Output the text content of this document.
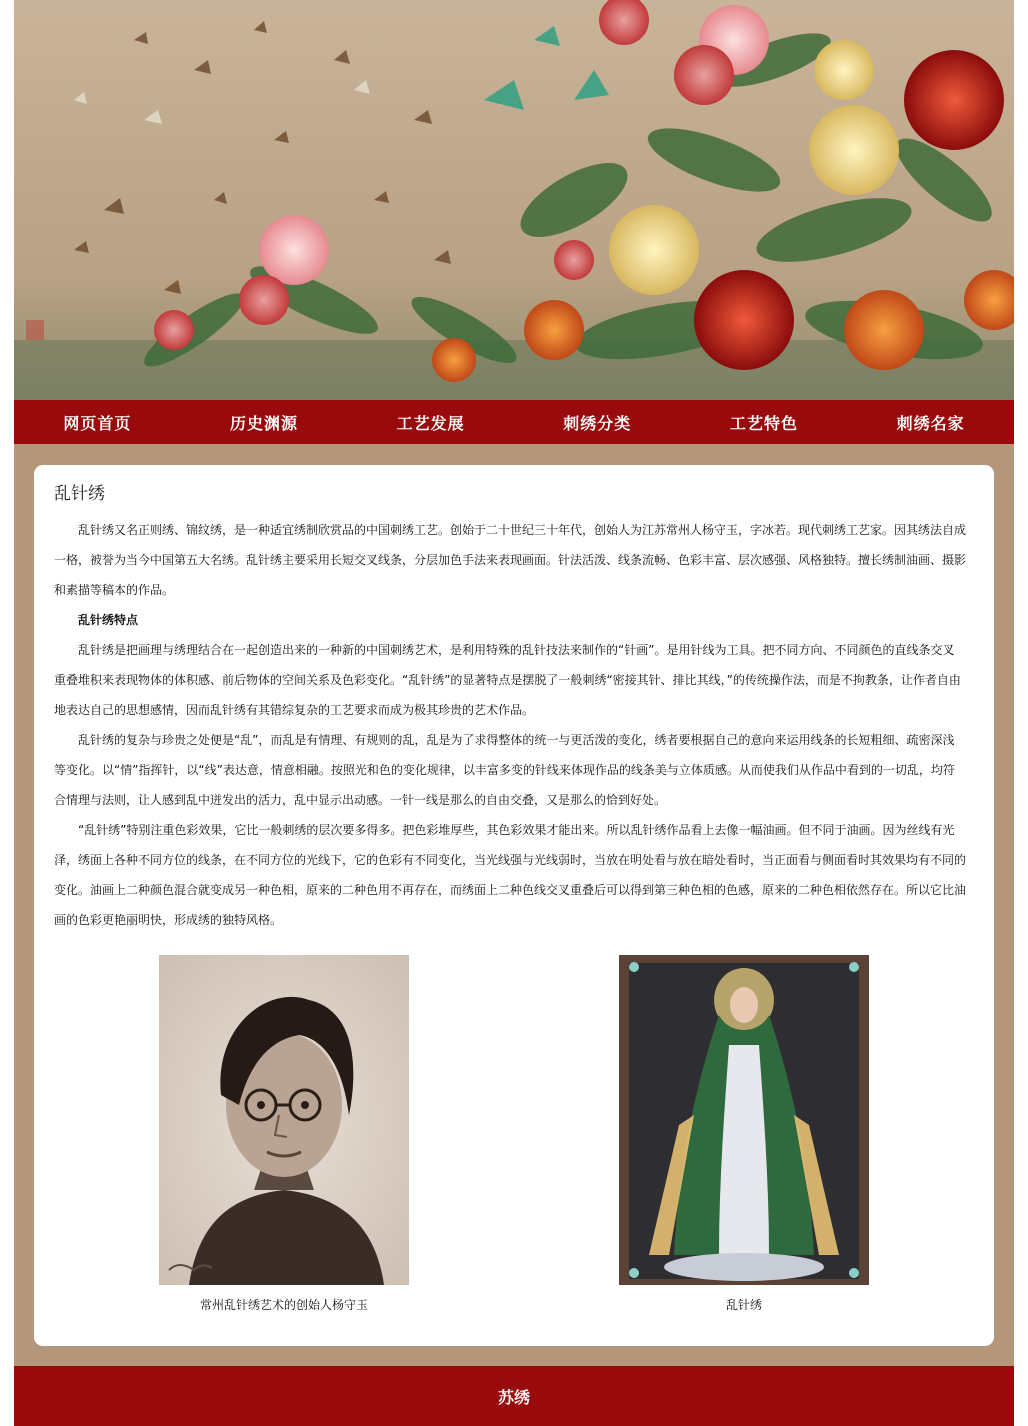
网页首页	历史渊源	工艺发展	刺绣分类	工艺特色	刺绣名家
乱针绣

乱针绣又名正则绣、锦纹绣，是一种适宜绣制欣赏品的中国刺绣工艺。创始于二十世纪三十年代，创始人为江苏常州人杨守玉，字冰若。现代刺绣工艺家。因其绣法自成一格，被誉为当今中国第五大名绣。乱针绣主要采用长短交叉线条，分层加色手法来表现画面。针法活泼、线条流畅、色彩丰富、层次感强、风格独特。擅长绣制油画、摄影和素描等稿本的作品。

乱针绣特点

乱针绣是把画理与绣理结合在一起创造出来的一种新的中国刺绣艺术，是利用特殊的乱针技法来制作的“针画”。是用针线为工具。把不同方向、不同颜色的直线条交叉重叠堆积来表现物体的体积感、前后物体的空间关系及色彩变化。“乱针绣”的显著特点是摆脱了一般刺绣“密接其针、排比其线，”的传统操作法，而是不拘教条，让作者自由地表达自己的思想感情，因而乱针绣有其错综复杂的工艺要求而成为极其珍贵的艺术作品。

乱针绣的复杂与珍贵之处便是“乱”，而乱是有情理、有规则的乱，乱是为了求得整体的统一与更活泼的变化，绣者要根据自己的意向来运用线条的长短粗细、疏密深浅等变化。以“情”指挥针，以“线”表达意，情意相融。按照光和色的变化规律，以丰富多变的针线来体现作品的线条美与立体质感。从而使我们从作品中看到的一切乱，均符合情理与法则，让人感到乱中迸发出的活力，乱中显示出动感。一针一线是那么的自由交叠，又是那么的恰到好处。

“乱针绣”特别注重色彩效果，它比一般刺绣的层次要多得多。把色彩堆厚些，其色彩效果才能出来。所以乱针绣作品看上去像一幅油画。但不同于油画。因为丝线有光泽，绣面上各种不同方位的线条，在不同方位的光线下，它的色彩有不同变化，当光线强与光线弱时，当放在明处看与放在暗处看时，当正面看与侧面看时其效果均有不同的变化。油画上二种颜色混合就变成另一种色相，原来的二种色用不再存在，而绣面上二种色线交叉重叠后可以得到第三种色相的色感，原来的二种色相依然存在。所以它比油画的色彩更艳丽明快，形成绣的独特风格。

常州乱针绣艺术的创始人杨守玉	乱针绣
苏绣
